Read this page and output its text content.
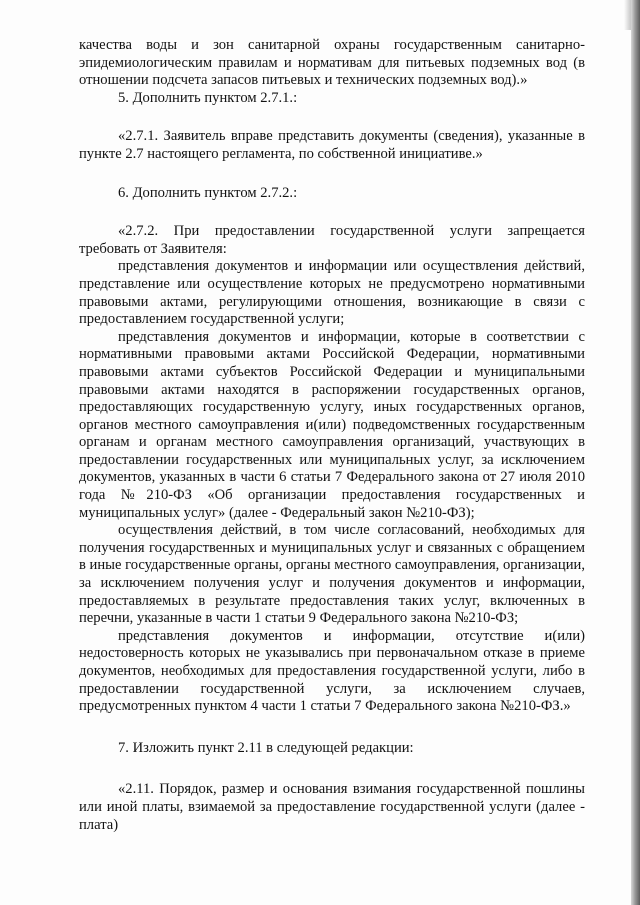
качества воды и зон санитарной охраны государственным санитарно-эпидемиологическим правилам и нормативам для питьевых подземных вод (в отношении подсчета запасов питьевых и технических подземных вод).»

5. Дополнить пунктом 2.7.1.:

«2.7.1. Заявитель вправе представить документы (сведения), указанные в пункте 2.7 настоящего регламента, по собственной инициативе.»

6. Дополнить пунктом 2.7.2.:

«2.7.2. При предоставлении государственной услуги запрещается требовать от Заявителя:

представления документов и информации или осуществления действий, представление или осуществление которых не предусмотрено нормативными правовыми актами, регулирующими отношения, возникающие в связи с предоставлением государственной услуги;

представления документов и информации, которые в соответствии с нормативными правовыми актами Российской Федерации, нормативными правовыми актами субъектов Российской Федерации и муниципальными правовыми актами находятся в распоряжении государственных органов, предоставляющих государственную услугу, иных государственных органов, органов местного самоуправления и(или) подведомственных государственным органам и органам местного самоуправления организаций, участвующих в предоставлении государственных или муниципальных услуг, за исключением документов, указанных в части 6 статьи 7 Федерального закона от 27 июля 2010 года №210-ФЗ «Об организации предоставления государственных и муниципальных услуг» (далее - Федеральный закон №210-ФЗ);

осуществления действий, в том числе согласований, необходимых для получения государственных и муниципальных услуг и связанных с обращением в иные государственные органы, органы местного самоуправления, организации, за исключением получения услуг и получения документов и информации, предоставляемых в результате предоставления таких услуг, включенных в перечни, указанные в части 1 статьи 9 Федерального закона №210-ФЗ;

представления документов и информации, отсутствие и(или) недостоверность которых не указывались при первоначальном отказе в приеме документов, необходимых для предоставления государственной услуги, либо в предоставлении государственной услуги, за исключением случаев, предусмотренных пунктом 4 части 1 статьи 7 Федерального закона №210-ФЗ.»

7. Изложить пункт 2.11 в следующей редакции:

«2.11. Порядок, размер и основания взимания государственной пошлины или иной платы, взимаемой за предоставление государственной услуги (далее - плата)
